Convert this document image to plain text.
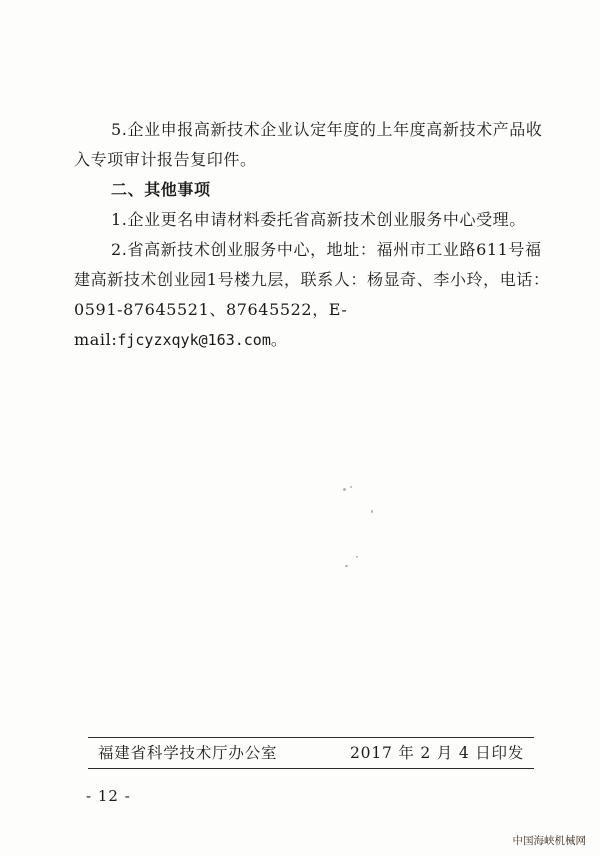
5.企业申报高新技术企业认定年度的上年度高新技术产品收入专项审计报告复印件。

二、其他事项

1.企业更名申请材料委托省高新技术创业服务中心受理。

2.省高新技术创业服务中心，地址：福州市工业路611号福建高新技术创业园1号楼九层，联系人：杨显奇、李小玲，电话：0591-87645521、87645522，E-mail:fjcyzxqyk@163.com。

福建省科学技术厅办公室	2017 年 2 月 4 日印发
- 12 -
中国海峡机械网
